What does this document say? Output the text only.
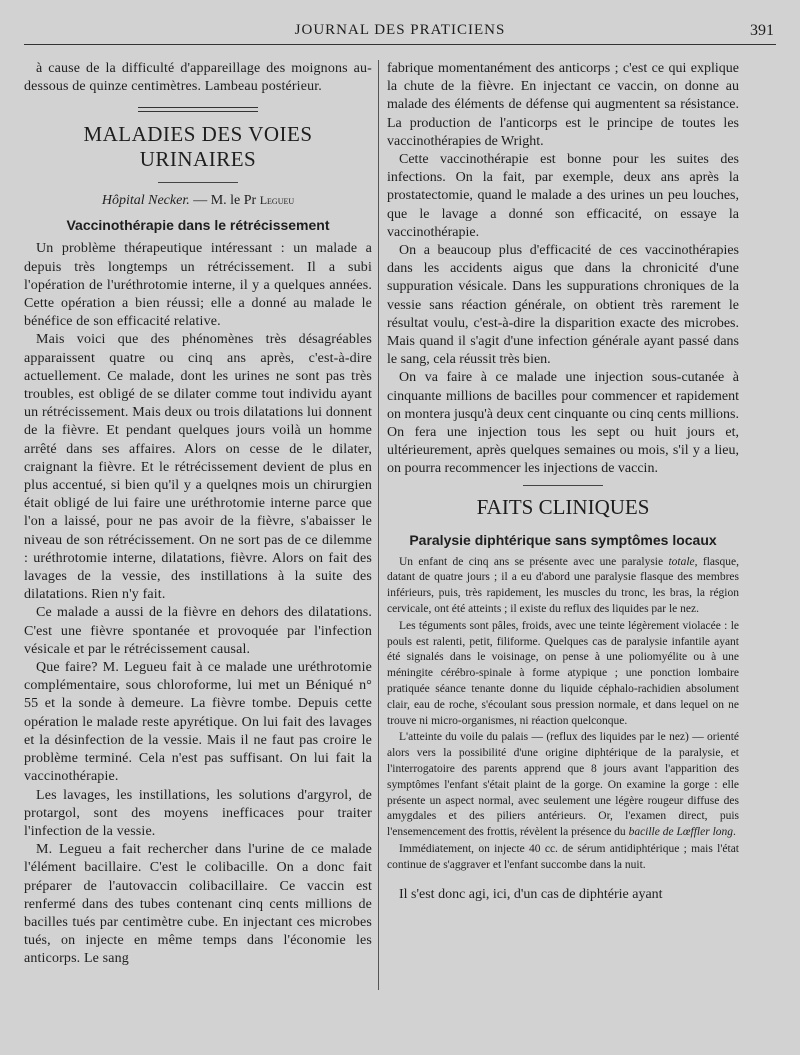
JOURNAL DES PRATICIENS	391

à cause de la difficulté d'appareillage des moignons au-dessous de quinze centimètres. Lambeau postérieur.

MALADIES DES VOIES URINAIRES
Hôpital Necker. — M. le Pr Legueu
Vaccinothérapie dans le rétrécissement

Un problème thérapeutique intéressant : un malade a depuis très longtemps un rétrécissement. Il a subi l'opération de l'uréthrotomie interne, il y a quelques années. Cette opération a bien réussi; elle a donné au malade le bénéfice de son efficacité relative.

Mais voici que des phénomènes très désagréables apparaissent quatre ou cinq ans après, c'est-à-dire actuellement. Ce malade, dont les urines ne sont pas très troubles, est obligé de se dilater comme tout individu ayant un rétrécissement. Mais deux ou trois dilatations lui donnent de la fièvre. Et pendant quelques jours voilà un homme arrêté dans ses affaires. Alors on cesse de le dilater, craignant la fièvre. Et le rétrécissement devient de plus en plus accentué, si bien qu'il y a quelqnes mois un chirurgien était obligé de lui faire une uréthrotomie interne parce que l'on a laissé, pour ne pas avoir de la fièvre, s'abaisser le niveau de son rétrécissement. On ne sort pas de ce dilemme : uréthrotomie interne, dilatations, fièvre. Alors on fait des lavages de la vessie, des instillations à la suite des dilatations. Rien n'y fait.

Ce malade a aussi de la fièvre en dehors des dilatations. C'est une fièvre spontanée et provoquée par l'infection vésicale et par le rétrécissement causal.

Que faire? M. Legueu fait à ce malade une uréthrotomie complémentaire, sous chloroforme, lui met un Béniqué n° 55 et la sonde à demeure. La fièvre tombe. Depuis cette opération le malade reste apyrétique. On lui fait des lavages et la désinfection de la vessie. Mais il ne faut pas croire le problème terminé. Cela n'est pas suffisant. On lui fait la vaccinothérapie.

Les lavages, les instillations, les solutions d'argyrol, de protargol, sont des moyens inefficaces pour traiter l'infection de la vessie.

M. Legueu a fait rechercher dans l'urine de ce malade l'élément bacillaire. C'est le colibacille. On a donc fait préparer de l'autovaccin colibacillaire. Ce vaccin est renfermé dans des tubes contenant cinq cents millions de bacilles tués par centimètre cube. En injectant ces microbes tués, on injecte en même temps dans l'économie les anticorps. Le sang

fabrique momentanément des anticorps ; c'est ce qui explique la chute de la fièvre. En injectant ce vaccin, on donne au malade des éléments de défense qui augmentent sa résistance. La production de l'anticorps est le principe de toutes les vaccinothérapies de Wright.

Cette vaccinothérapie est bonne pour les suites des infections. On la fait, par exemple, deux ans après la prostatectomie, quand le malade a des urines un peu louches, que le lavage a donné son efficacité, on essaye la vaccinothérapie.

On a beaucoup plus d'efficacité de ces vaccinothérapies dans les accidents aigus que dans la chronicité d'une suppuration vésicale. Dans les suppurations chroniques de la vessie sans réaction générale, on obtient très rarement le résultat voulu, c'est-à-dire la disparition exacte des microbes. Mais quand il s'agit d'une infection générale ayant passé dans le sang, cela réussit très bien.

On va faire à ce malade une injection sous-cutanée à cinquante millions de bacilles pour commencer et rapidement on montera jusqu'à deux cent cinquante ou cinq cents millions. On fera une injection tous les sept ou huit jours et, ultérieurement, après quelques semaines ou mois, s'il y a lieu, on pourra recommencer les injections de vaccin.

FAITS CLINIQUES
Paralysie diphtérique sans symptômes locaux

Un enfant de cinq ans se présente avec une paralysie totale, flasque, datant de quatre jours ; il a eu d'abord une paralysie flasque des membres inférieurs, puis, très rapidement, les muscles du tronc, les bras, la région cervicale, ont été atteints ; il existe du reflux des liquides par le nez.

Les téguments sont pâles, froids, avec une teinte légèrement violacée : le pouls est ralenti, petit, filiforme. Quelques cas de paralysie infantile ayant été signalés dans le voisinage, on pense à une poliomyélite ou à une méningite cérébro-spinale à forme atypique ; une ponction lombaire pratiquée séance tenante donne du liquide céphalo-rachidien absolument clair, eau de roche, s'écoulant sous pression normale, et dans lequel on ne trouve ni micro-organismes, ni réaction quelconque.

L'atteinte du voile du palais — (reflux des liquides par le nez) — orienté alors vers la possibilité d'une origine diphtérique de la paralysie, et l'interrogatoire des parents apprend que 8 jours avant l'apparition des symptômes l'enfant s'était plaint de la gorge. On examine la gorge : elle présente un aspect normal, avec seulement une légère rougeur diffuse des amygdales et des piliers antérieurs. Or, l'examen direct, puis l'ensemencement des frottis, révèlent la présence du bacille de Lœffler long.

Immédiatement, on injecte 40 cc. de sérum antidiphtérique ; mais l'état continue de s'aggraver et l'enfant succombe dans la nuit.

Il s'est donc agi, ici, d'un cas de diphtérie ayant
